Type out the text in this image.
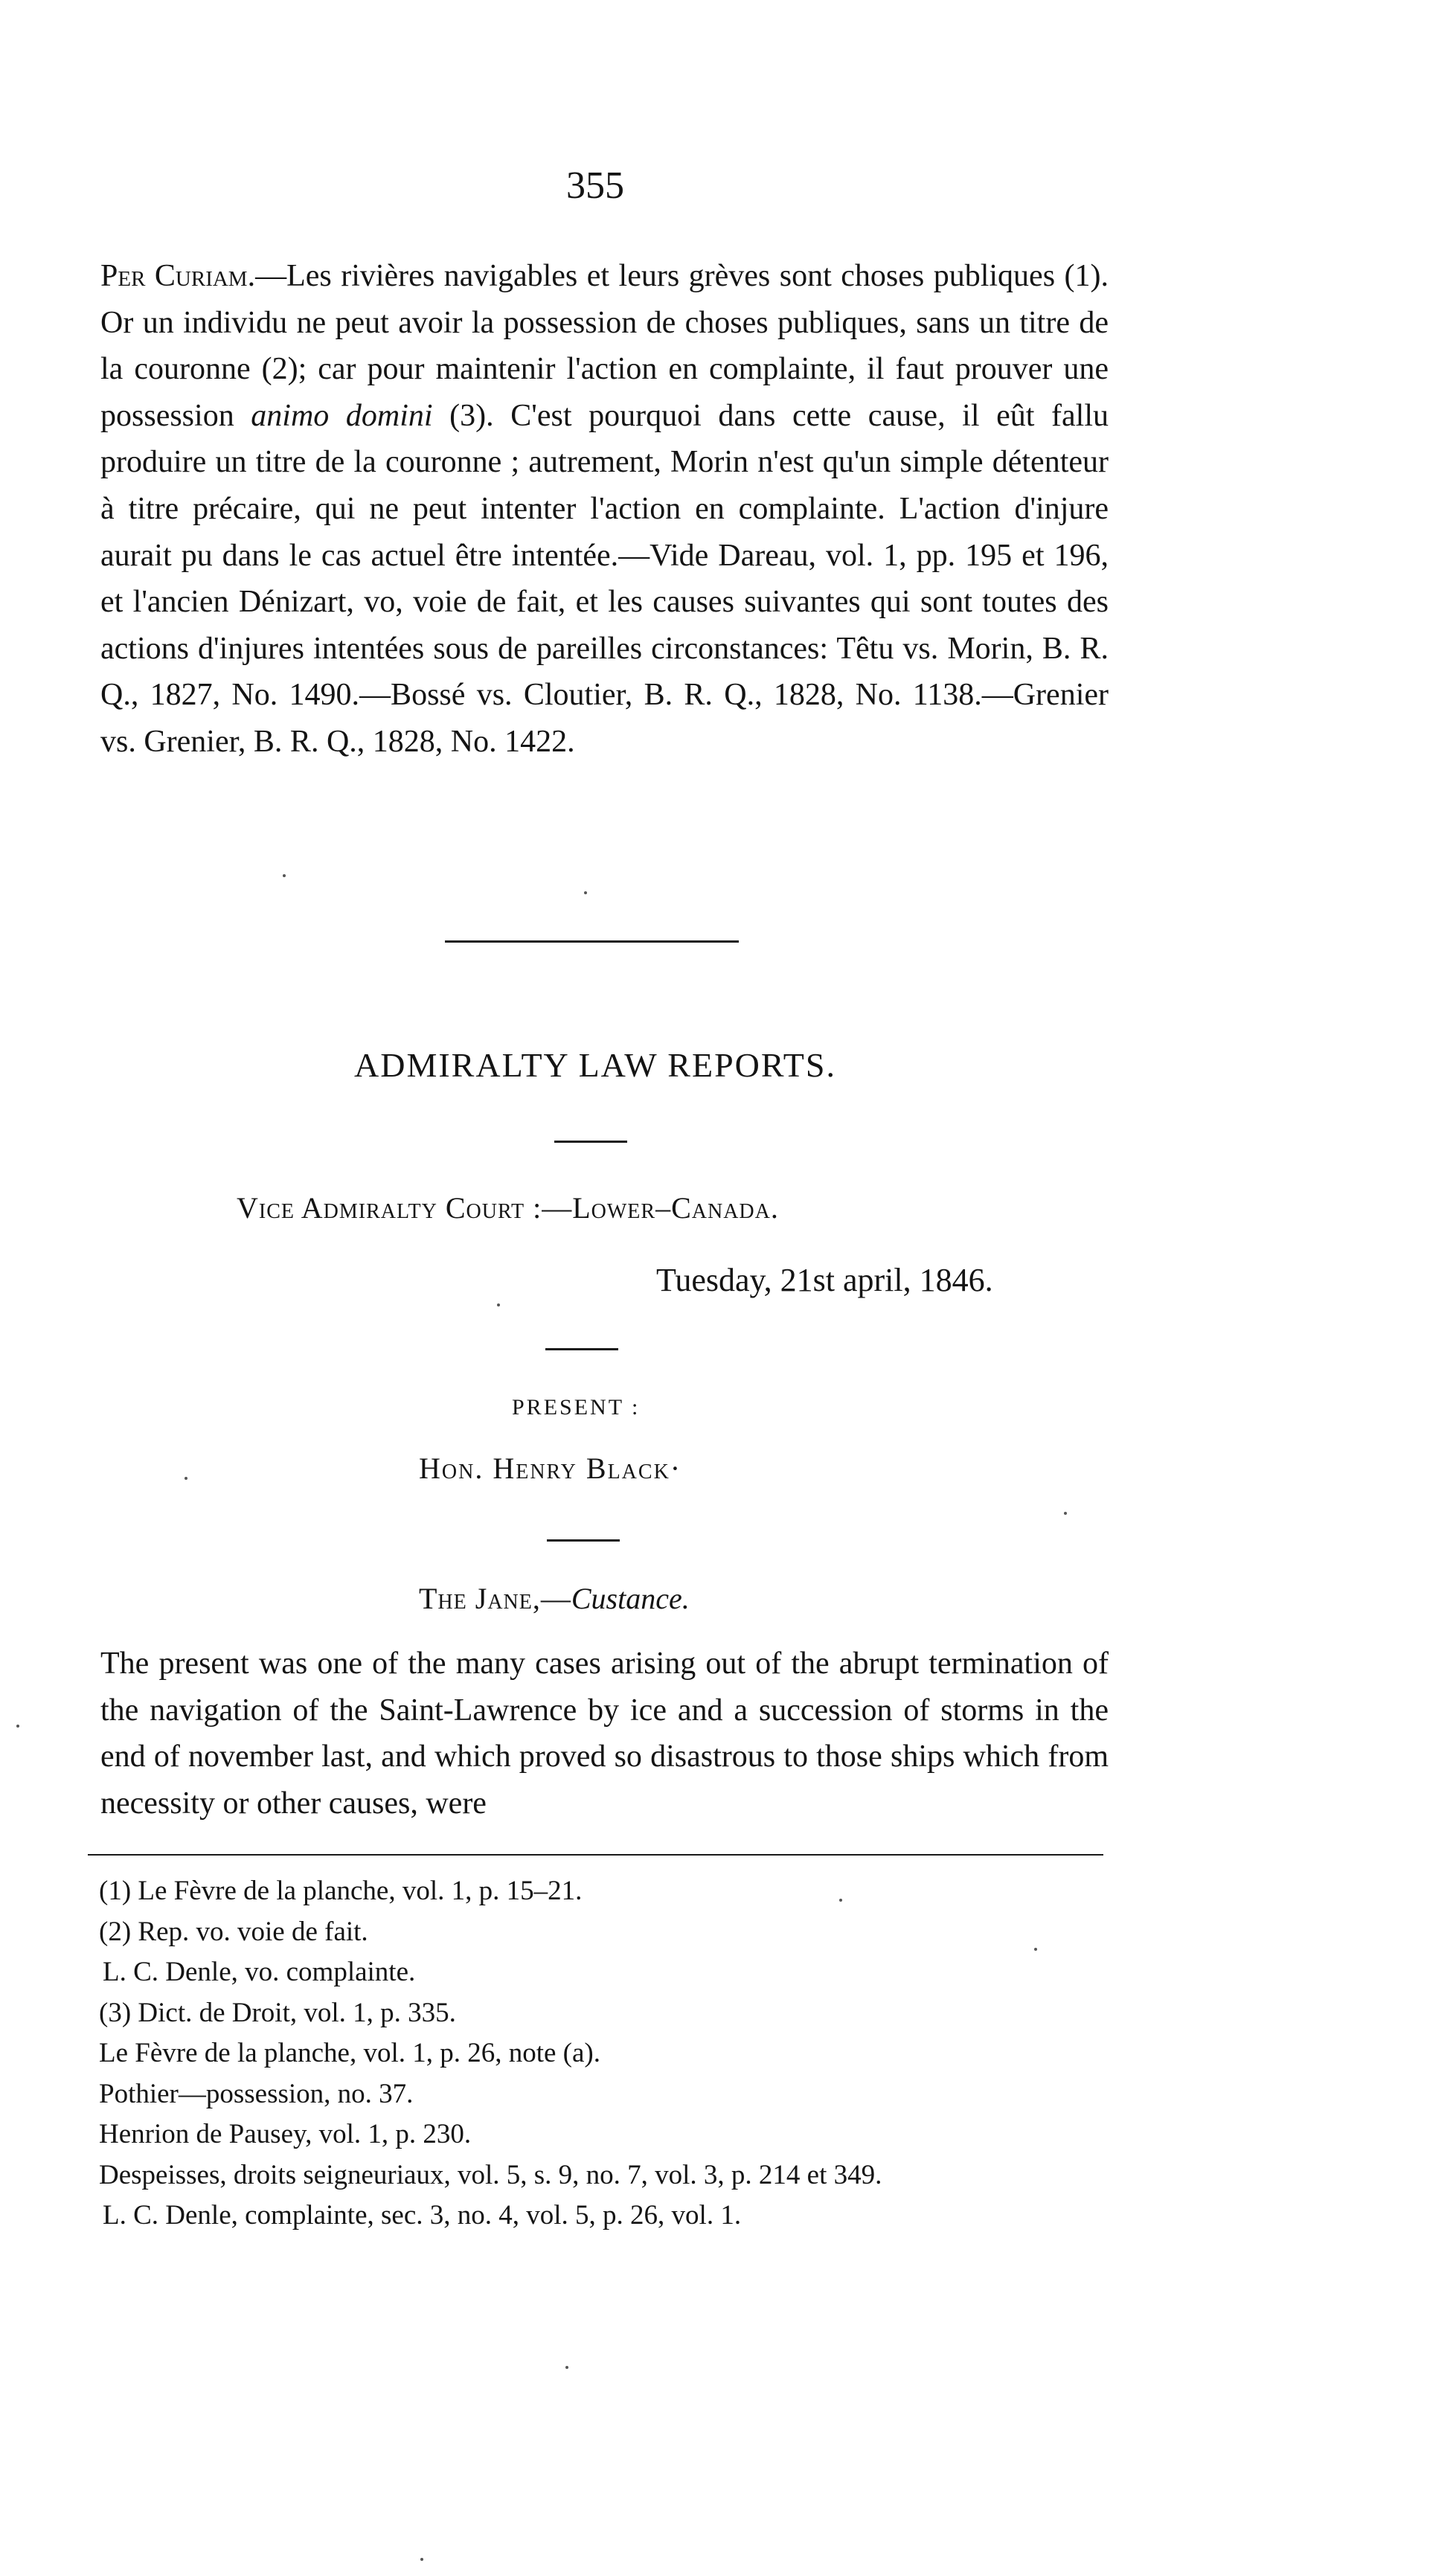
355

Per Curiam.—Les rivières navigables et leurs grèves sont choses publiques (1). Or un individu ne peut avoir la possession de choses publiques, sans un titre de la couronne (2); car pour maintenir l'action en complainte, il faut prouver une possession animo domini (3). C'est pourquoi dans cette cause, il eût fallu produire un titre de la couronne ; autrement, Morin n'est qu'un simple détenteur à titre précaire, qui ne peut intenter l'action en complainte. L'action d'injure aurait pu dans le cas actuel être intentée.—Vide Dareau, vol. 1, pp. 195 et 196, et l'ancien Dénizart, vo, voie de fait, et les causes suivantes qui sont toutes des actions d'injures intentées sous de pareilles circonstances: Têtu vs. Morin, B. R. Q., 1827, No. 1490.—Bossé vs. Cloutier, B. R. Q., 1828, No. 1138.—Grenier vs. Grenier, B. R. Q., 1828, No. 1422.

ADMIRALTY LAW REPORTS.
Vice Admiralty Court :—Lower–Canada.
Tuesday, 21st april, 1846.
PRESENT :
Hon. Henry Black·
The Jane,—Custance.

The present was one of the many cases arising out of the abrupt termination of the navigation of the Saint-Lawrence by ice and a succession of storms in the end of november last, and which proved so disastrous to those ships which from necessity or other causes, were

(1) Le Fèvre de la planche, vol. 1, p. 15–21.
(2) Rep. vo. voie de fait.
L. C. Denle, vo. complainte.
(3) Dict. de Droit, vol. 1, p. 335.
Le Fèvre de la planche, vol. 1, p. 26, note (a).
Pothier—possession, no. 37.
Henrion de Pausey, vol. 1, p. 230.
Despeisses, droits seigneuriaux, vol. 5, s. 9, no. 7, vol. 3, p. 214 et 349.
L. C. Denle, complainte, sec. 3, no. 4, vol. 5, p. 26, vol. 1.
